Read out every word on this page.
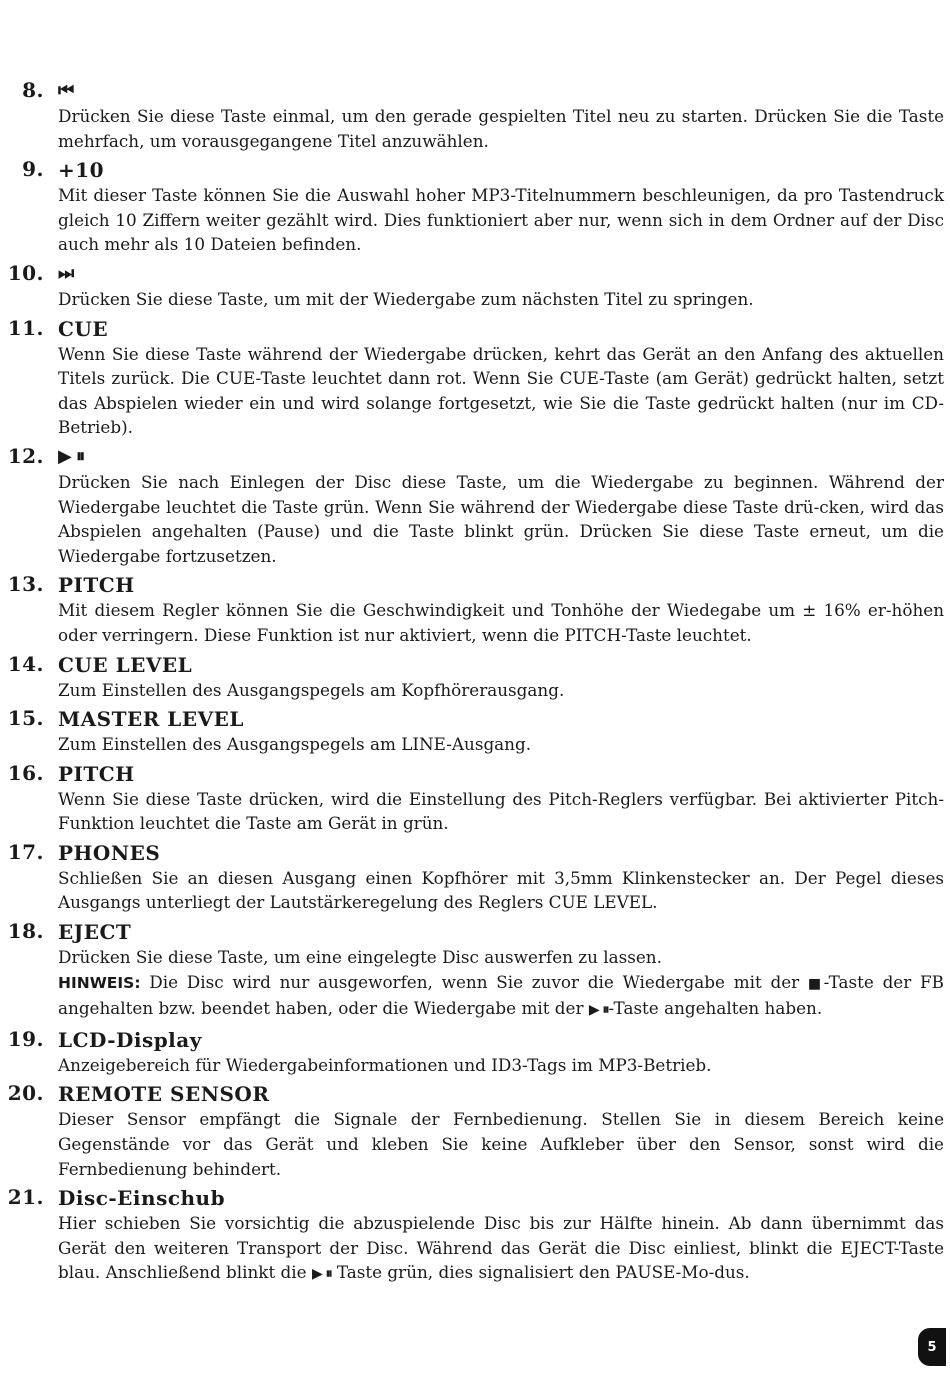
8. ⏮
Drücken Sie diese Taste einmal, um den gerade gespielten Titel neu zu starten. Drücken Sie die Taste mehrfach, um vorausgegangene Titel anzuwählen.
9. +10
Mit dieser Taste können Sie die Auswahl hoher MP3-Titelnummern beschleunigen, da pro Tastendruck gleich 10 Ziffern weiter gezählt wird. Dies funktioniert aber nur, wenn sich in dem Ordner auf der Disc auch mehr als 10 Dateien befinden.
10. ⏭
Drücken Sie diese Taste, um mit der Wiedergabe zum nächsten Titel zu springen.
11. CUE
Wenn Sie diese Taste während der Wiedergabe drücken, kehrt das Gerät an den Anfang des aktuellen Titels zurück. Die CUE-Taste leuchtet dann rot. Wenn Sie CUE-Taste (am Gerät) gedrückt halten, setzt das Abspielen wieder ein und wird solange fortgesetzt, wie Sie die Taste gedrückt halten (nur im CD-Betrieb).
12. ▶ ⏸
Drücken Sie nach Einlegen der Disc diese Taste, um die Wiedergabe zu beginnen. Während der Wiedergabe leuchtet die Taste grün. Wenn Sie während der Wiedergabe diese Taste drü-cken, wird das Abspielen angehalten (Pause) und die Taste blinkt grün. Drücken Sie diese Taste erneut, um die Wiedergabe fortzusetzen.
13. PITCH
Mit diesem Regler können Sie die Geschwindigkeit und Tonhöhe der Wiedegabe um ± 16% er-höhen oder verringern. Diese Funktion ist nur aktiviert, wenn die PITCH-Taste leuchtet.
14. CUE LEVEL
Zum Einstellen des Ausgangspegels am Kopfhörerausgang.
15. MASTER LEVEL
Zum Einstellen des Ausgangspegels am LINE-Ausgang.
16. PITCH
Wenn Sie diese Taste drücken, wird die Einstellung des Pitch-Reglers verfügbar. Bei aktivierter Pitch-Funktion leuchtet die Taste am Gerät in grün.
17. PHONES
Schließen Sie an diesen Ausgang einen Kopfhörer mit 3,5mm Klinkenstecker an. Der Pegel dieses Ausgangs unterliegt der Lautstärkeregelung des Reglers CUE LEVEL.
18. EJECT
Drücken Sie diese Taste, um eine eingelegte Disc auswerfen zu lassen.
HINWEIS: Die Disc wird nur ausgeworfen, wenn Sie zuvor die Wiedergabe mit der ■-Taste der FB angehalten bzw. beendet haben, oder die Wiedergabe mit der ▶ ⏸-Taste angehalten haben.
19. LCD-Display
Anzeigebereich für Wiedergabeinformationen und ID3-Tags im MP3-Betrieb.
20. REMOTE SENSOR
Dieser Sensor empfängt die Signale der Fernbedienung. Stellen Sie in diesem Bereich keine Gegenstände vor das Gerät und kleben Sie keine Aufkleber über den Sensor, sonst wird die Fernbedienung behindert.
21. Disc-Einschub
Hier schieben Sie vorsichtig die abzuspielende Disc bis zur Hälfte hinein. Ab dann übernimmt das Gerät den weiteren Transport der Disc. Während das Gerät die Disc einliest, blinkt die EJECT-Taste blau. Anschließend blinkt die ▶ ⏸ Taste grün, dies signalisiert den PAUSE-Mo-dus.
5
